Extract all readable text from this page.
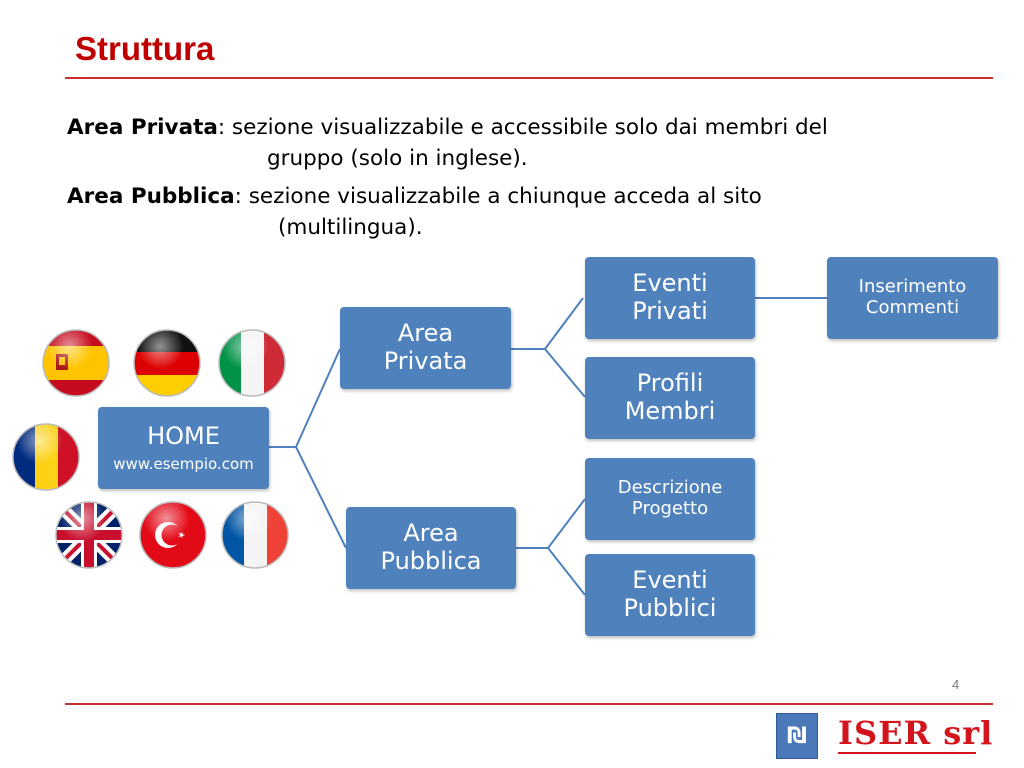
Struttura
Area Privata: sezione visualizzabile e accessibile solo dai membri del
gruppo (solo in inglese).
Area Pubblica: sezione visualizzabile a chiunque acceda al sito
(multilingua).
HOME
www.esempio.com
Area
Privata
Area
Pubblica
Eventi
Privati
Profili
Membri
Inserimento
Commenti
Descrizione
Progetto
Eventi
Pubblici
4
₪ ISER srl
